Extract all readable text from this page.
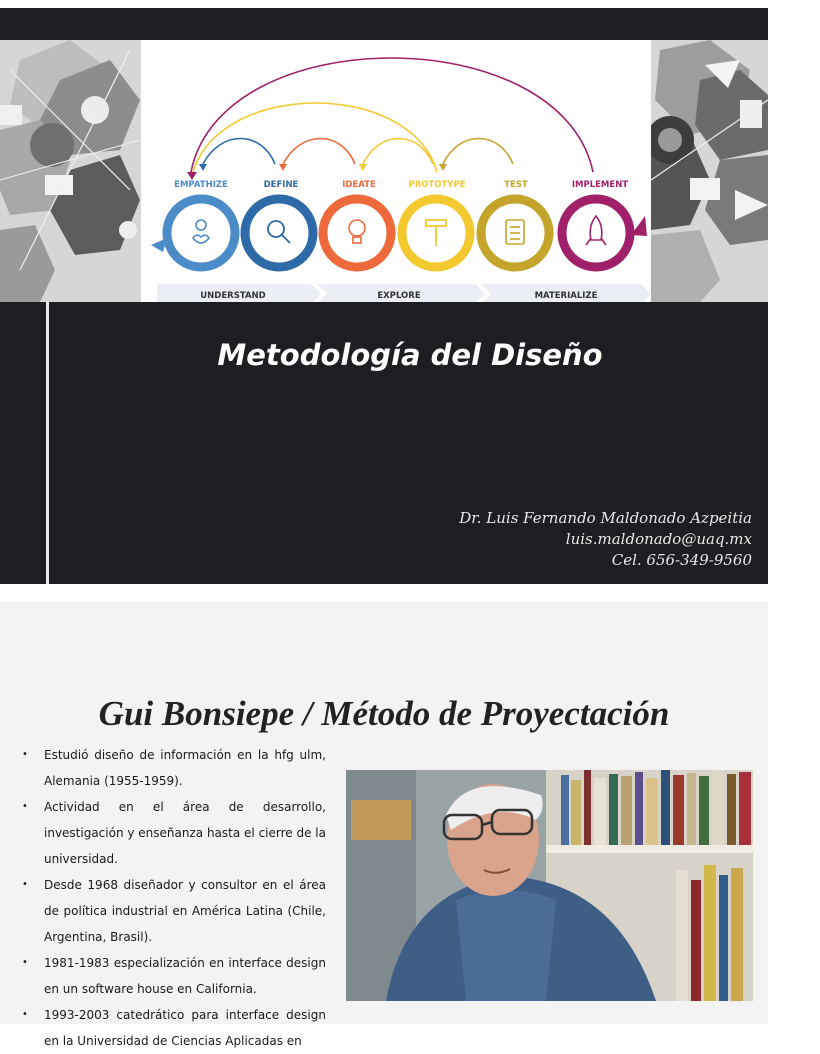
EMPATHIZE	DEFINE	IDEATE	PROTOTYPE	TEST	IMPLEMENT
UNDERSTAND	EXPLORE	MATERIALIZE
Metodología del Diseño
Dr. Luis Fernando Maldonado Azpeitia
luis.maldonado@uaq.mx
Cel. 656-349-9560
Gui Bonsiepe / Método de Proyectación
• Estudió diseño de información en la hfg ulm, Alemania (1955-1959).
• Actividad en el área de desarrollo, investigación y enseñanza hasta el cierre de la universidad.
• Desde 1968 diseñador y consultor en el área de política industrial en América Latina (Chile, Argentina, Brasil).
• 1981-1983 especialización en interface design en un software house en California.
• 1993-2003 catedrático para interface design en la Universidad de Ciencias Aplicadas en
